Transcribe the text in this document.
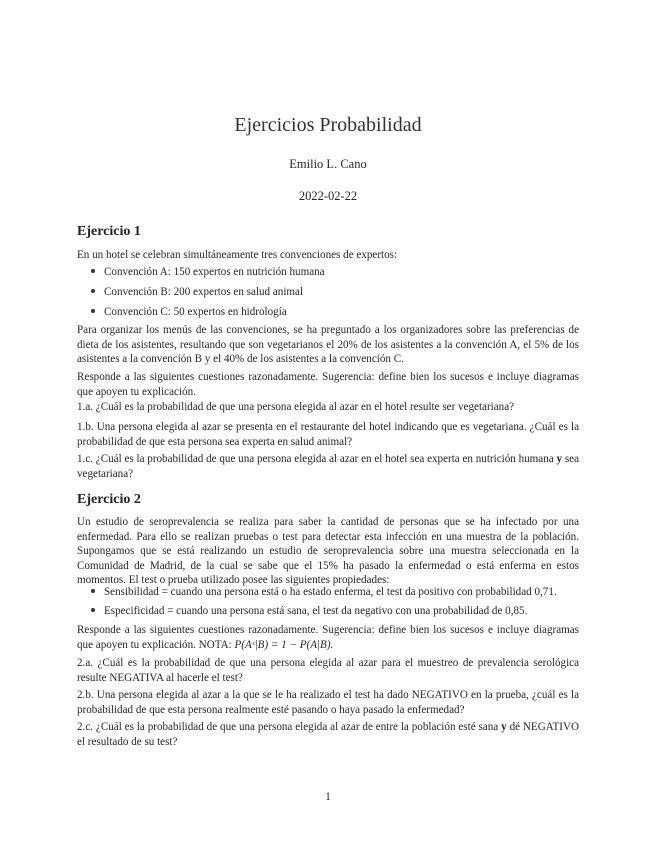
Ejercicios Probabilidad
Emilio L. Cano
2022-02-22
Ejercicio 1
En un hotel se celebran simultáneamente tres convenciones de expertos:
Convención A: 150 expertos en nutrición humana
Convención B: 200 expertos en salud animal
Convención C: 50 expertos en hidrología
Para organizar los menús de las convenciones, se ha preguntado a los organizadores sobre las preferencias de dieta de los asistentes, resultando que son vegetarianos el 20% de los asistentes a la convención A, el 5% de los asistentes a la convención B y el 40% de los asistentes a la convención C.
Responde a las siguientes cuestiones razonadamente. Sugerencia: define bien los sucesos e incluye diagramas que apoyen tu explicación.
1.a. ¿Cuál es la probabilidad de que una persona elegida al azar en el hotel resulte ser vegetariana?
1.b. Una persona elegida al azar se presenta en el restaurante del hotel indicando que es vegetariana. ¿Cuál es la probabilidad de que esta persona sea experta en salud animal?
1.c. ¿Cuál es la probabilidad de que una persona elegida al azar en el hotel sea experta en nutrición humana y sea vegetariana?
Ejercicio 2
Un estudio de seroprevalencia se realiza para saber la cantidad de personas que se ha infectado por una enfermedad. Para ello se realizan pruebas o test para detectar esta infección en una muestra de la población. Supongamos que se está realizando un estudio de seroprevalencia sobre una muestra seleccionada en la Comunidad de Madrid, de la cual se sabe que el 15% ha pasado la enfermedad o está enferma en estos momentos. El test o prueba utilizado posee las siguientes propiedades:
Sensibilidad = cuando una persona está o ha estado enferma, el test da positivo con probabilidad 0,71.
Especificidad = cuando una persona está sana, el test da negativo con una probabilidad de 0,85.
Responde a las siguientes cuestiones razonadamente. Sugerencia: define bien los sucesos e incluye diagramas que apoyen tu explicación. NOTA: P(Aᶜ|B) = 1 − P(A|B).
2.a. ¿Cuál es la probabilidad de que una persona elegida al azar para el muestreo de prevalencia serológica resulte NEGATIVA al hacerle el test?
2.b. Una persona elegida al azar a la que se le ha realizado el test ha dado NEGATIVO en la prueba, ¿cuál es la probabilidad de que esta persona realmente esté pasando o haya pasado la enfermedad?
2.c. ¿Cuál es la probabilidad de que una persona elegida al azar de entre la población esté sana y dé NEGATIVO el resultado de su test?
1
